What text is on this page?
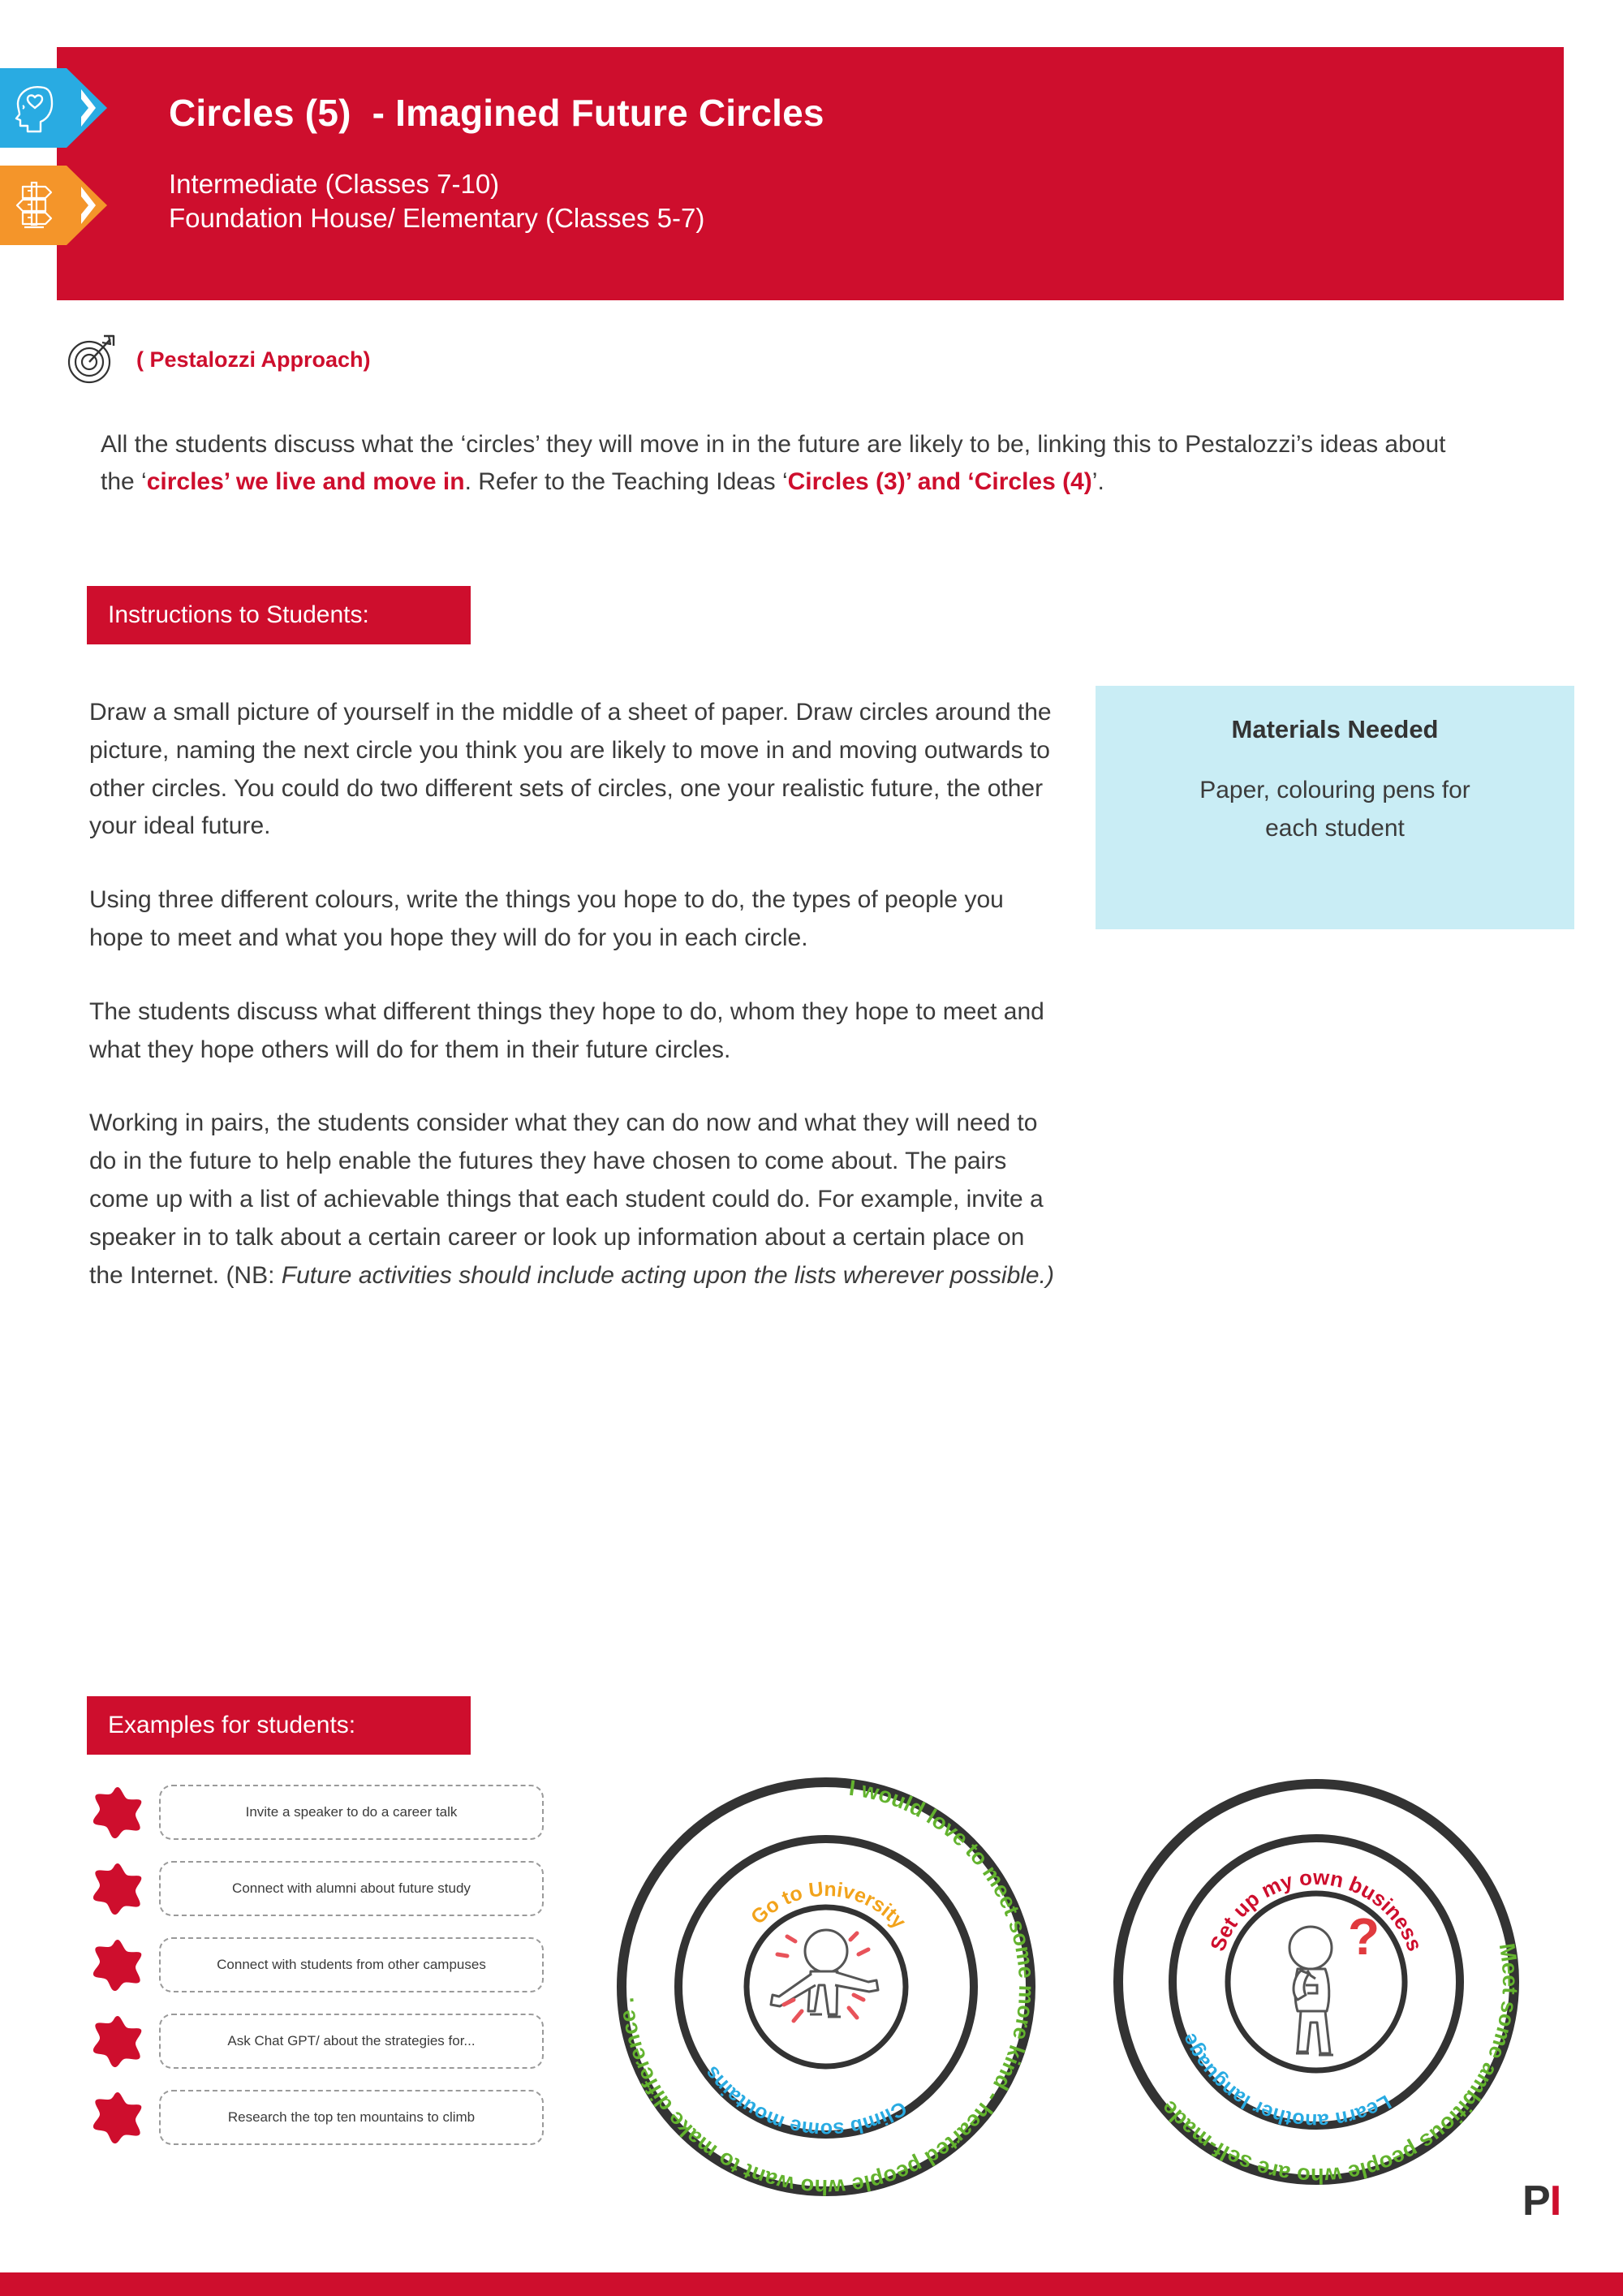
Circles (5)  - Imagined Future Circles
Intermediate (Classes 7-10)
Foundation House/ Elementary (Classes 5-7)
( Pestalozzi Approach)
All the students discuss what the ‘circles’ they will move in in the future are likely to be, linking this to Pestalozzi’s ideas about the ‘circles’ we live and move in. Refer to the Teaching Ideas ‘Circles (3)’ and ‘Circles (4)’.
Instructions to Students:

Draw a small picture of yourself in the middle of a sheet of paper. Draw circles around the picture, naming the next circle you think you are likely to move in and moving outwards to other circles. You could do two different sets of circles, one your realistic future, the other your ideal future.

Using three different colours, write the things you hope to do, the types of people you hope to meet and what you hope they will do for you in each circle.

The students discuss what different things they hope to do, whom they hope to meet and what they hope others will do for them in their future circles.

Working in pairs, the students consider what they can do now and what they will need to do in the future to help enable the futures they have chosen to come about. The pairs come up with a list of achievable things that each student could do. For example, invite a speaker in to talk about a certain career or look up information about a certain place on the Internet. (NB: Future activities should include acting upon the lists wherever possible.)

Materials Needed
Paper, colouring pens for each student
Examples for students:
Invite a speaker to do a career talk
Connect with alumni about future study
Connect with students from other campuses
Ask Chat GPT/ about the strategies for...
Research the top ten mountains to climb
I would love to meet some more kind - hearted people who want to make difference .
Climb some moutains
Go to University
Meet some ambitious people who are self-made	Learn another language
Set up my own business
?
PI
